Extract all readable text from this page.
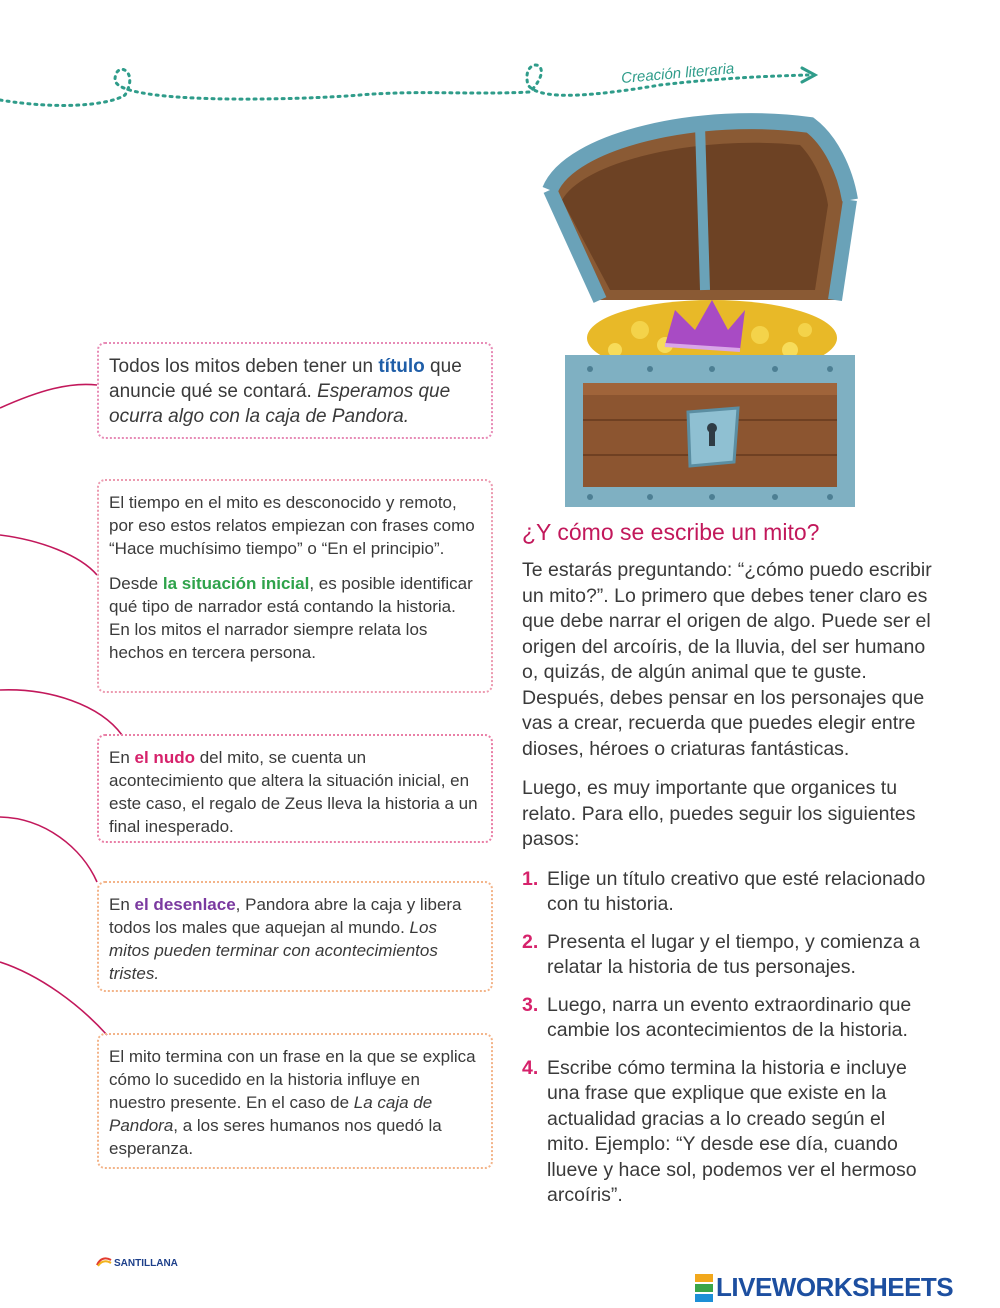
Creación literaria

Todos los mitos deben tener un título que anuncie qué se contará. Esperamos que ocurra algo con la caja de Pandora.

El tiempo en el mito es desconocido y remoto, por eso estos relatos empiezan con frases como “Hace muchísimo tiempo” o “En el principio”.

Desde la situación inicial, es posible identificar qué tipo de narrador está contando la historia. En los mitos el narrador siempre relata los hechos en tercera persona.

En el nudo del mito, se cuenta un acontecimiento que altera la situación inicial, en este caso, el regalo de Zeus lleva la historia a un final inesperado.

En el desenlace, Pandora abre la caja y libera todos los males que aquejan al mundo. Los mitos pueden terminar con acontecimientos tristes.

El mito termina con un frase en la que se explica cómo lo sucedido en la historia influye en nuestro presente. En el caso de La caja de Pandora, a los seres humanos nos quedó la esperanza.

¿Y cómo se escribe un mito?

Te estarás preguntando: “¿cómo puedo escribir un mito?”. Lo primero que debes tener claro es que debe narrar el origen de algo. Puede ser el origen del arcoíris, de la lluvia, del ser humano o, quizás, de algún animal que te guste. Después, debes pensar en los personajes que vas a crear, recuerda que puedes elegir entre dioses, héroes o criaturas fantásticas.

Luego, es muy importante que organices tu relato. Para ello, puedes seguir los siguientes pasos:

1. Elige un título creativo que esté relacionado con tu historia.
2. Presenta el lugar y el tiempo, y comienza a relatar la historia de tus personajes.
3. Luego, narra un evento extraordinario que cambie los acontecimientos de la historia.
4. Escribe cómo termina la historia e incluye una frase que explique que existe en la actualidad gracias a lo creado según el mito. Ejemplo: “Y desde ese día, cuando llueve y hace sol, podemos ver el hermoso arcoíris”.
SANTILLANA
LIVEWORKSHEETS
